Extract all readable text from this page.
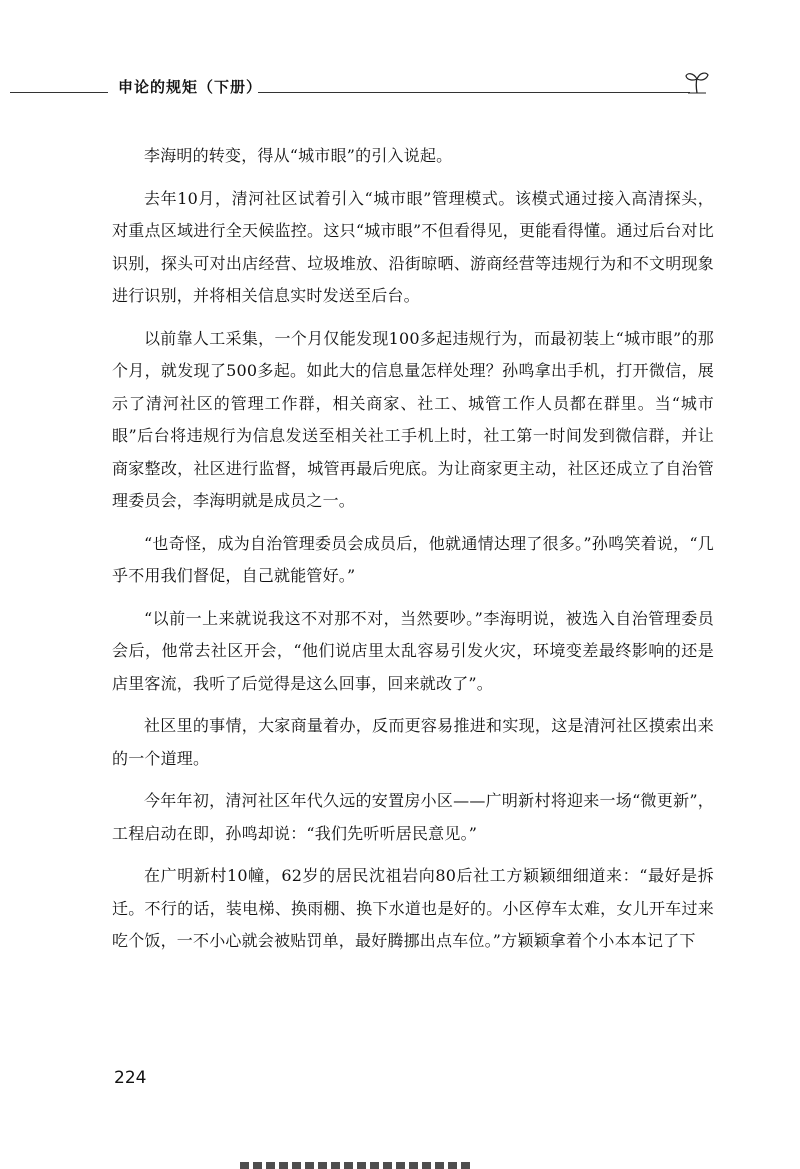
申论的规矩（下册）

李海明的转变，得从“城市眼”的引入说起。

去年10月，清河社区试着引入“城市眼”管理模式。该模式通过接入高清探头，对重点区域进行全天候监控。这只“城市眼”不但看得见，更能看得懂。通过后台对比识别，探头可对出店经营、垃圾堆放、沿街晾晒、游商经营等违规行为和不文明现象进行识别，并将相关信息实时发送至后台。

以前靠人工采集，一个月仅能发现100多起违规行为，而最初装上“城市眼”的那个月，就发现了500多起。如此大的信息量怎样处理？孙鸣拿出手机，打开微信，展示了清河社区的管理工作群，相关商家、社工、城管工作人员都在群里。当“城市眼”后台将违规行为信息发送至相关社工手机上时，社工第一时间发到微信群，并让商家整改，社区进行监督，城管再最后兜底。为让商家更主动，社区还成立了自治管理委员会，李海明就是成员之一。

“也奇怪，成为自治管理委员会成员后，他就通情达理了很多。”孙鸣笑着说，“几乎不用我们督促，自己就能管好。”

“以前一上来就说我这不对那不对，当然要吵。”李海明说，被选入自治管理委员会后，他常去社区开会，“他们说店里太乱容易引发火灾，环境变差最终影响的还是店里客流，我听了后觉得是这么回事，回来就改了”。

社区里的事情，大家商量着办，反而更容易推进和实现，这是清河社区摸索出来的一个道理。

今年年初，清河社区年代久远的安置房小区——广明新村将迎来一场“微更新”，工程启动在即，孙鸣却说：“我们先听听居民意见。”

在广明新村10幢，62岁的居民沈祖岩向80后社工方颖颖细细道来：“最好是拆迁。不行的话，装电梯、换雨棚、换下水道也是好的。小区停车太难，女儿开车过来吃个饭，一不小心就会被贴罚单，最好腾挪出点车位。”方颖颖拿着个小本本记了下

224
